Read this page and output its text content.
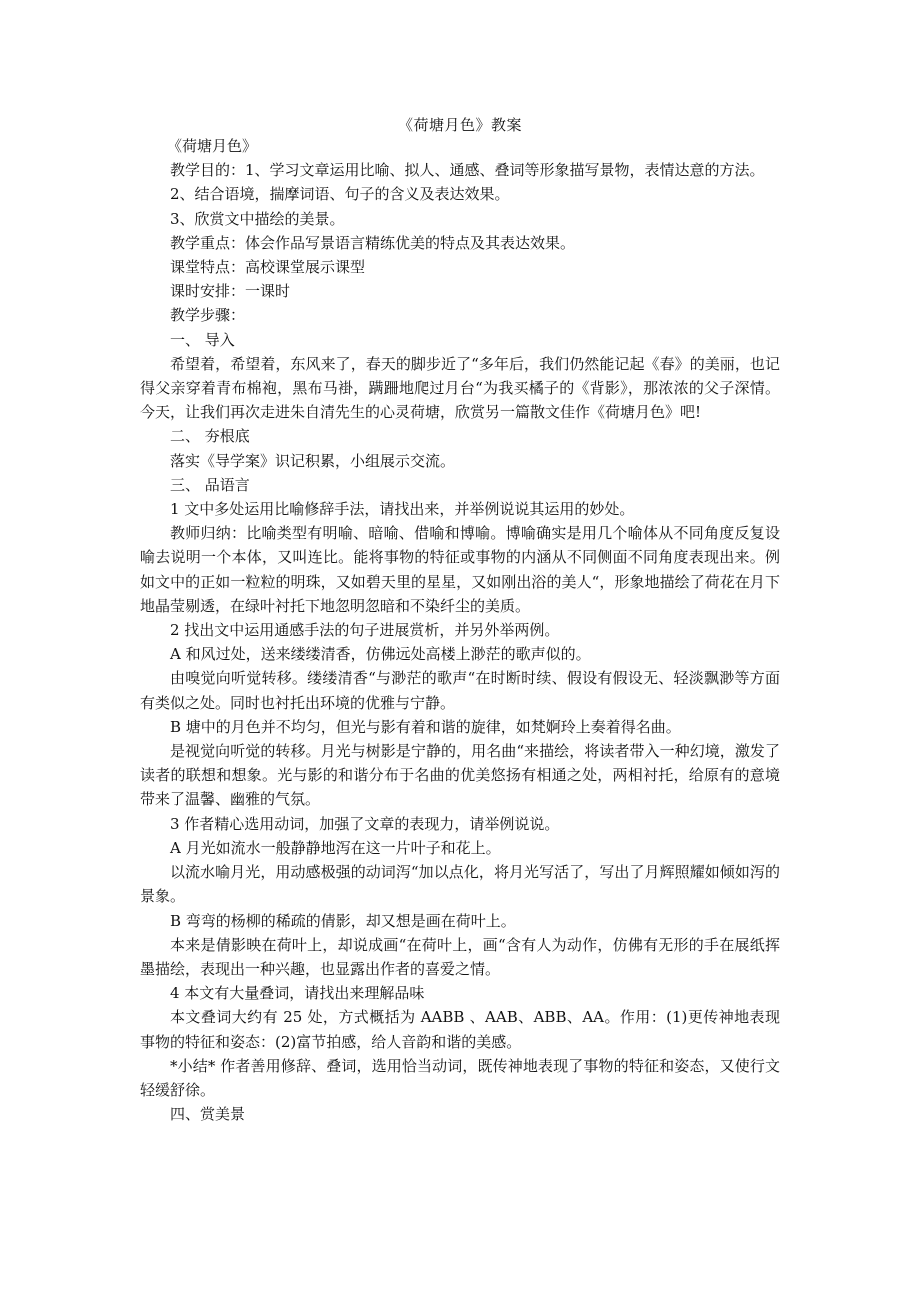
《荷塘月色》教案

《荷塘月色》

教学目的：1、学习文章运用比喻、拟人、通感、叠词等形象描写景物，表情达意的方法。

2、结合语境，揣摩词语、句子的含义及表达效果。

3、欣赏文中描绘的美景。

教学重点：体会作品写景语言精练优美的特点及其表达效果。

课堂特点：高校课堂展示课型

课时安排：一课时

教学步骤：

一、 导入

希望着，希望着，东风来了，春天的脚步近了“多年后，我们仍然能记起《春》的美丽，也记得父亲穿着青布棉袍，黑布马褂，蹒跚地爬过月台“为我买橘子的《背影》，那浓浓的父子深情。今天，让我们再次走进朱自清先生的心灵荷塘，欣赏另一篇散文佳作《荷塘月色》吧!

二、 夯根底

落实《导学案》识记积累，小组展示交流。

三、 品语言

1 文中多处运用比喻修辞手法，请找出来，并举例说说其运用的妙处。

教师归纳：比喻类型有明喻、暗喻、借喻和博喻。博喻确实是用几个喻体从不同角度反复设喻去说明一个本体，又叫连比。能将事物的特征或事物的内涵从不同侧面不同角度表现出来。例如文中的正如一粒粒的明珠，又如碧天里的星星，又如刚出浴的美人“，形象地描绘了荷花在月下地晶莹剔透，在绿叶衬托下地忽明忽暗和不染纤尘的美质。

2 找出文中运用通感手法的句子进展赏析，并另外举两例。

A 和风过处，送来缕缕清香，仿佛远处高楼上渺茫的歌声似的。

由嗅觉向听觉转移。缕缕清香“与渺茫的歌声“在时断时续、假设有假设无、轻淡飘渺等方面有类似之处。同时也衬托出环境的优雅与宁静。

B 塘中的月色并不均匀，但光与影有着和谐的旋律，如梵婀玲上奏着得名曲。

是视觉向听觉的转移。月光与树影是宁静的，用名曲“来描绘，将读者带入一种幻境，激发了读者的联想和想象。光与影的和谐分布于名曲的优美悠扬有相通之处，两相衬托，给原有的意境带来了温馨、幽雅的气氛。

3 作者精心选用动词，加强了文章的表现力，请举例说说。

A 月光如流水一般静静地泻在这一片叶子和花上。

以流水喻月光，用动感极强的动词泻“加以点化，将月光写活了，写出了月辉照耀如倾如泻的景象。

B 弯弯的杨柳的稀疏的倩影，却又想是画在荷叶上。

本来是倩影映在荷叶上，却说成画“在荷叶上，画“含有人为动作，仿佛有无形的手在展纸挥墨描绘，表现出一种兴趣，也显露出作者的喜爱之情。

4 本文有大量叠词，请找出来理解品味

本文叠词大约有 25 处，方式概括为 AABB 、AAB、ABB、AA。作用：(1)更传神地表现事物的特征和姿态：(2)富节拍感，给人音韵和谐的美感。

*小结* 作者善用修辞、叠词，选用恰当动词，既传神地表现了事物的特征和姿态，又使行文轻缓舒徐。

四、赏美景
